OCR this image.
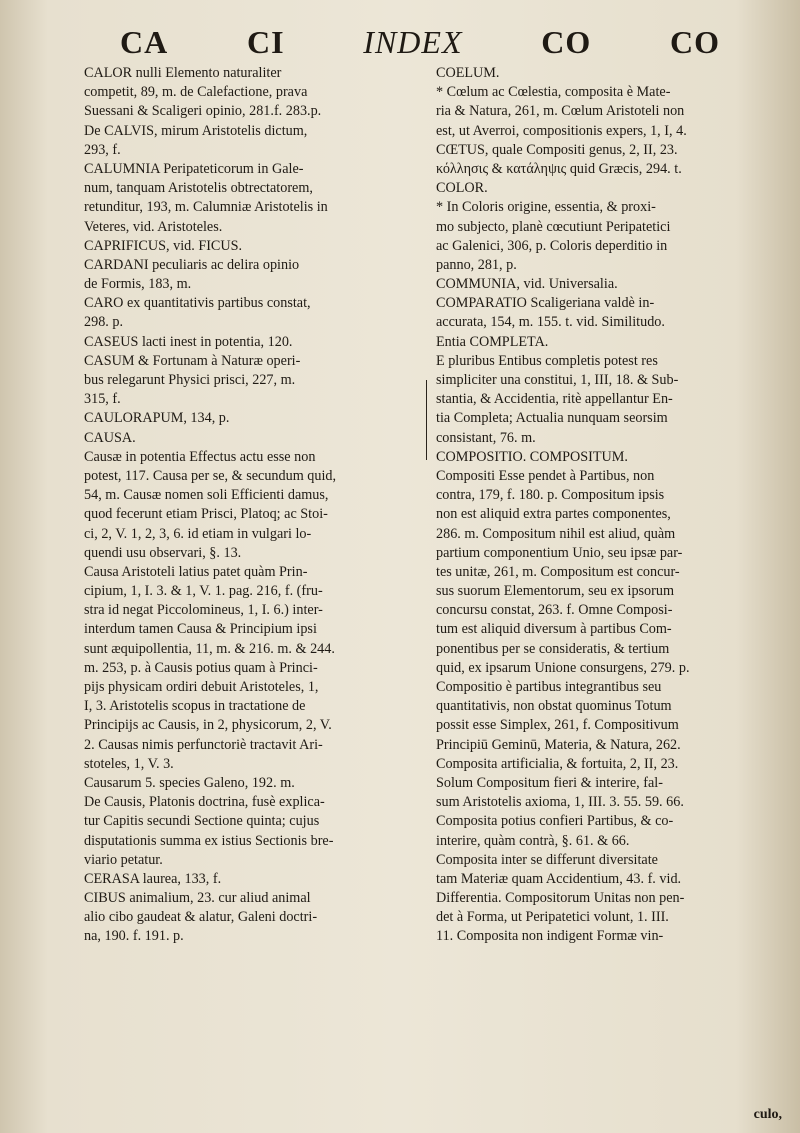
CA CI INDEX CO CO
CALOR nulli Elemento naturaliter
competit, 89, m. de Calefactione, prava
Suessani & Scaligeri opinio, 281.f. 283.p.
De CALVIS, mirum Aristotelis dictum,
293, f.
CALUMNIA Peripateticorum in Gale-
num, tanquam Aristotelis obtrectatorem,
retunditur, 193, m. Calumniæ Aristotelis in
Veteres, vid. Aristoteles.
CAPRIFICUS, vid. FICUS.
CARDANI peculiaris ac delira opinio
de Formis, 183, m.
CARO ex quantitativis partibus constat,
298. p.
CASEUS lacti inest in potentia, 120.
CASUM & Fortunam à Naturæ operi-
bus relegarunt Physici prisci, 227, m.
315, f.
CAULORAPUM, 134, p.
CAUSA.
Causæ in potentia Effectus actu esse non
potest, 117. Causa per se, & secundum quid,
54, m. Causæ nomen soli Efficienti damus,
quod fecerunt etiam Prisci, Platoq; ac Stoi-
ci, 2, V. 1, 2, 3, 6. id etiam in vulgari lo-
quendi usu observari, §. 13.
Causa Aristoteli latius patet quàm Prin-
cipium, 1, I. 3. & 1, V. 1. pag. 216, f. (fru-
stra id negat Piccolomineus, 1, I. 6.) inter-
interdum tamen Causa & Principium ipsi
sunt æquipollentia, 11, m. & 216. m. & 244.
m. 253, p. à Causis potius quam à Princi-
pijs physicam ordiri debuit Aristoteles, 1,
I, 3. Aristotelis scopus in tractatione de
Principijs ac Causis, in 2, physicorum, 2, V.
2. Causas nimis perfunctoriè tractavit Ari-
stoteles, 1, V. 3.
Causarum 5. species Galeno, 192. m.
De Causis, Platonis doctrina, fusè explica-
tur Capitis secundi Sectione quinta; cujus
disputationis summa ex istius Sectionis bre-
viario petatur.
CERASA laurea, 133, f.
CIBUS animalium, 23. cur aliud animal
alio cibo gaudeat & alatur, Galeni doctri-
na, 190. f. 191. p.
COELUM.
* Cœlum ac Cœlestia, composita è Mate-
ria & Natura, 261, m. Cœlum Aristoteli non
est, ut Averroi, compositionis expers, 1, I, 4.
CŒTUS, quale Compositi genus, 2, II, 23.
κόλλησις & κατάληψις quid Græcis, 294. t.
COLOR.
* In Coloris origine, essentia, & proxi-
mo subjecto, planè cœcutiunt Peripatetici
ac Galenici, 306, p. Coloris deperditio in
panno, 281, p.
COMMUNIA, vid. Universalia.
COMPARATIO Scaligeriana valdè in-
accurata, 154, m. 155. t. vid. Similitudo.
Entia COMPLETA.
E pluribus Entibus completis potest res
simpliciter una constitui, 1, III, 18. & Sub-
stantia, & Accidentia, ritè appellantur En-
tia Completa; Actualia nunquam seorsim
consistant, 76. m.
COMPOSITIO. COMPOSITUM.
Compositi Esse pendet à Partibus, non
contra, 179, f. 180. p. Compositum ipsis
non est aliquid extra partes componentes,
286. m. Compositum nihil est aliud, quàm
partium componentium Unio, seu ipsæ par-
tes unitæ, 261, m. Compositum est concur-
sus suorum Elementorum, seu ex ipsorum
concursu constat, 263. f. Omne Composi-
tum est aliquid diversum à partibus Com-
ponentibus per se consideratis, & tertium
quid, ex ipsarum Unione consurgens, 279. p.
Compositio è partibus integrantibus seu
quantitativis, non obstat quominus Totum
possit esse Simplex, 261, f. Compositivum
Principiū Geminū, Materia, & Natura, 262.
Composita artificialia, & fortuita, 2, II, 23.
Solum Compositum fieri & interire, fal-
sum Aristotelis axioma, 1, III. 3. 55. 59. 66.
Composita potius confieri Partibus, & co-
interire, quàm contrà, §. 61. & 66.
Composita inter se differunt diversitate
tam Materiæ quam Accidentium, 43. f. vid.
Differentia. Compositorum Unitas non pen-
det à Forma, ut Peripatetici volunt, 1. III.
11. Composita non indigent Formæ vin-
culo,
